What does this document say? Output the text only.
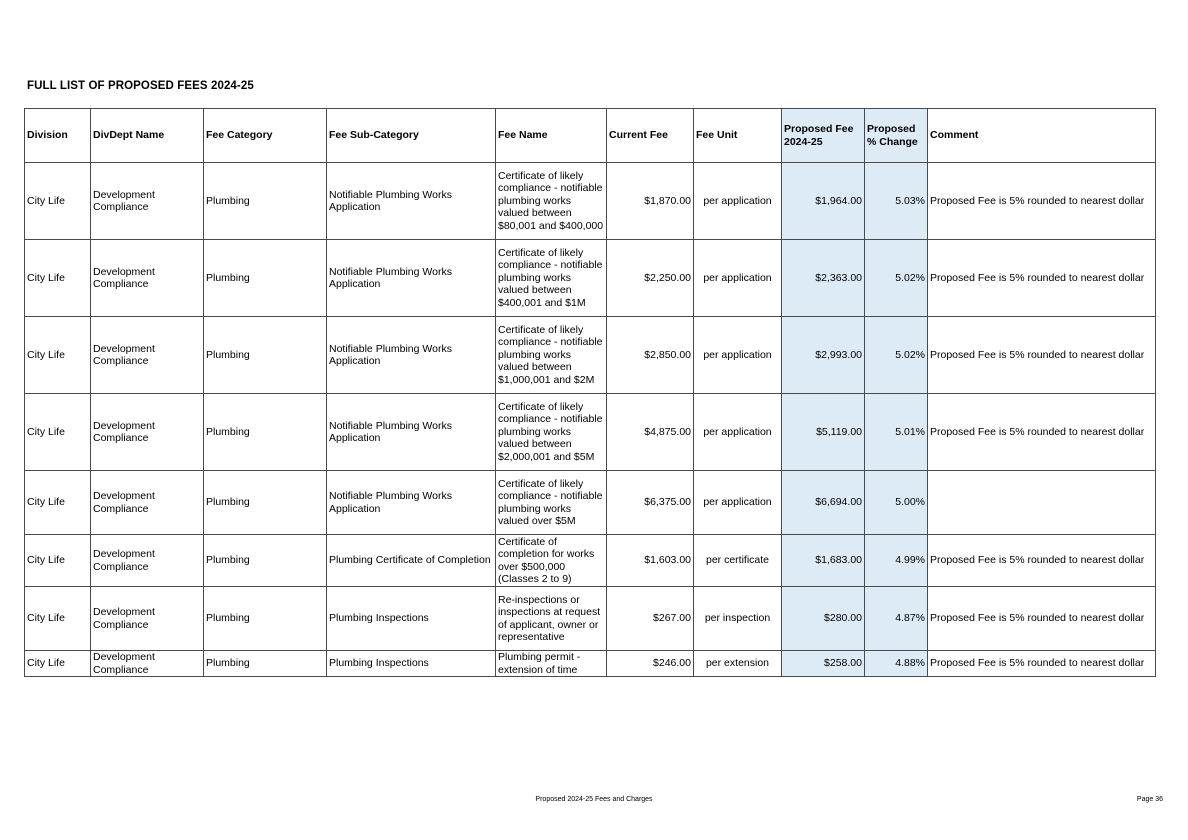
FULL LIST OF PROPOSED FEES 2024-25
Division	DivDept Name	Fee Category	Fee Sub-Category	Fee Name	Current Fee	Fee Unit	Proposed Fee 2024-25	Proposed % Change	Comment
City Life	Development Compliance	Plumbing	Notifiable Plumbing Works Application	Certificate of likely compliance - notifiable plumbing works valued between $80,001 and $400,000	$1,870.00	per application	$1,964.00	5.03%	Proposed Fee is 5% rounded to nearest dollar
City Life	Development Compliance	Plumbing	Notifiable Plumbing Works Application	Certificate of likely compliance - notifiable plumbing works valued between $400,001 and $1M	$2,250.00	per application	$2,363.00	5.02%	Proposed Fee is 5% rounded to nearest dollar
City Life	Development Compliance	Plumbing	Notifiable Plumbing Works Application	Certificate of likely compliance - notifiable plumbing works valued between $1,000,001 and $2M	$2,850.00	per application	$2,993.00	5.02%	Proposed Fee is 5% rounded to nearest dollar
City Life	Development Compliance	Plumbing	Notifiable Plumbing Works Application	Certificate of likely compliance - notifiable plumbing works valued between $2,000,001 and $5M	$4,875.00	per application	$5,119.00	5.01%	Proposed Fee is 5% rounded to nearest dollar
City Life	Development Compliance	Plumbing	Notifiable Plumbing Works Application	Certificate of likely compliance - notifiable plumbing works valued over $5M	$6,375.00	per application	$6,694.00	5.00%	
City Life	Development Compliance	Plumbing	Plumbing Certificate of Completion	Certificate of completion for works over $500,000 (Classes 2 to 9)	$1,603.00	per certificate	$1,683.00	4.99%	Proposed Fee is 5% rounded to nearest dollar
City Life	Development Compliance	Plumbing	Plumbing Inspections	Re-inspections or inspections at request of applicant, owner or representative	$267.00	per inspection	$280.00	4.87%	Proposed Fee is 5% rounded to nearest dollar
City Life	Development Compliance	Plumbing	Plumbing Inspections	Plumbing permit - extension of time	$246.00	per extension	$258.00	4.88%	Proposed Fee is 5% rounded to nearest dollar
Proposed 2024-25 Fees and Charges	Page 36
